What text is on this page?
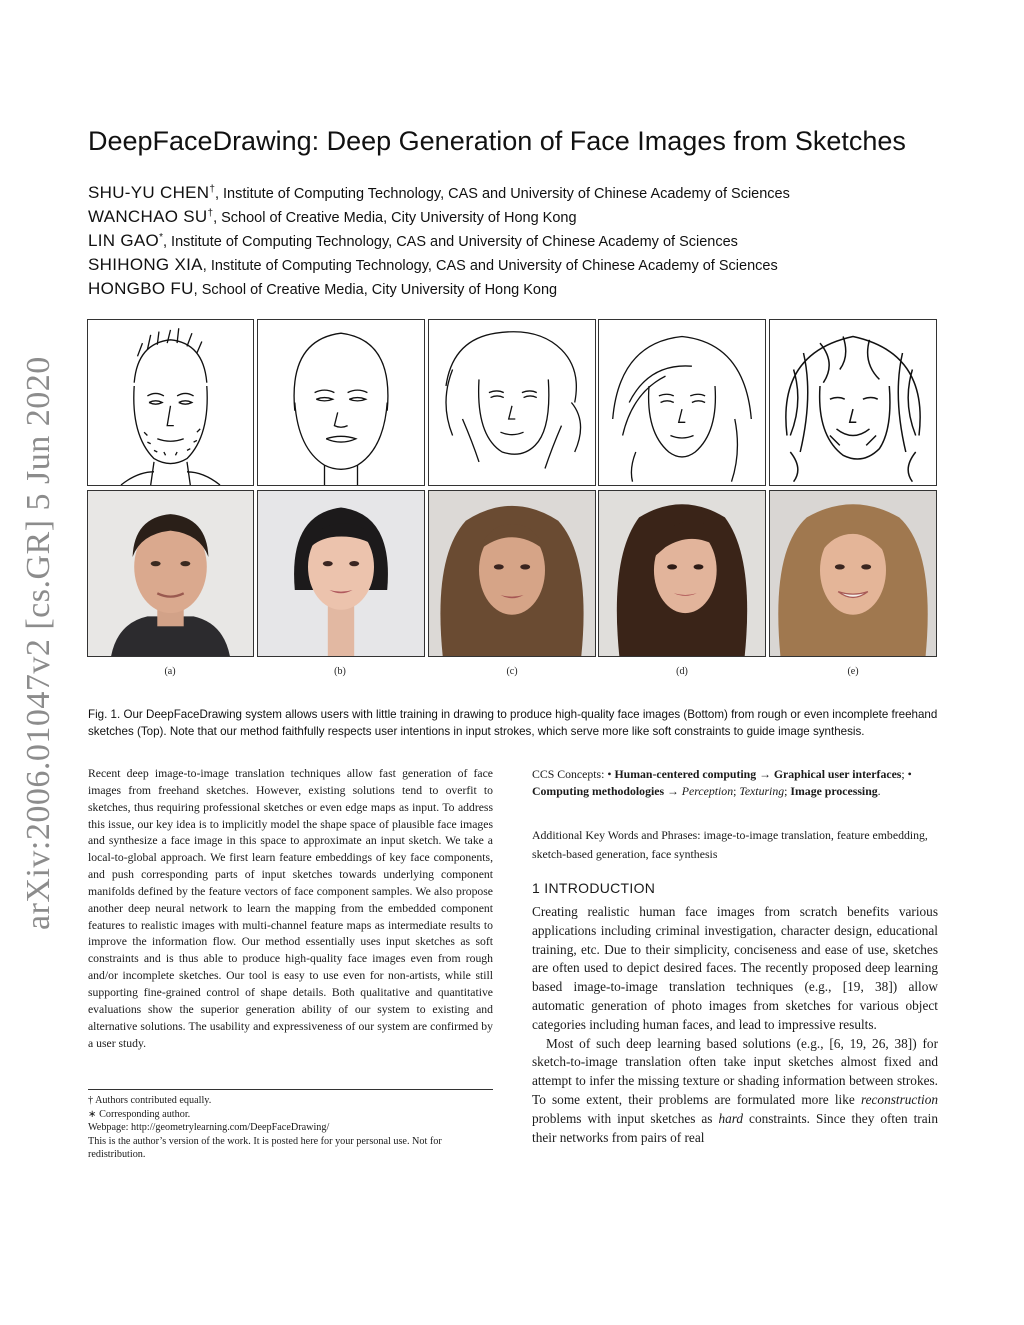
arXiv:2006.01047v2 [cs.GR] 5 Jun 2020
DeepFaceDrawing: Deep Generation of Face Images from Sketches
SHU-YU CHEN†, Institute of Computing Technology, CAS and University of Chinese Academy of Sciences
WANCHAO SU†, School of Creative Media, City University of Hong Kong
LIN GAO*, Institute of Computing Technology, CAS and University of Chinese Academy of Sciences
SHIHONG XIA, Institute of Computing Technology, CAS and University of Chinese Academy of Sciences
HONGBO FU, School of Creative Media, City University of Hong Kong
(a)	(b)	(c)	(d)	(e)
Fig. 1. Our DeepFaceDrawing system allows users with little training in drawing to produce high-quality face images (Bottom) from rough or even incomplete freehand sketches (Top). Note that our method faithfully respects user intentions in input strokes, which serve more like soft constraints to guide image synthesis.
Recent deep image-to-image translation techniques allow fast generation of face images from freehand sketches. However, existing solutions tend to overfit to sketches, thus requiring professional sketches or even edge maps as input. To address this issue, our key idea is to implicitly model the shape space of plausible face images and synthesize a face image in this space to approximate an input sketch. We take a local-to-global approach. We first learn feature embeddings of key face components, and push corresponding parts of input sketches towards underlying component manifolds defined by the feature vectors of face component samples. We also propose another deep neural network to learn the mapping from the embedded component features to realistic images with multi-channel feature maps as intermediate results to improve the information flow. Our method essentially uses input sketches as soft constraints and is thus able to produce high-quality face images even from rough and/or incomplete sketches. Our tool is easy to use even for non-artists, while still supporting fine-grained control of shape details. Both qualitative and quantitative evaluations show the superior generation ability of our system to existing and alternative solutions. The usability and expressiveness of our system are confirmed by a user study.
† Authors contributed equally.
∗ Corresponding author.
Webpage: http://geometrylearning.com/DeepFaceDrawing/
This is the author’s version of the work. It is posted here for your personal use. Not for redistribution.
CCS Concepts: • Human-centered computing → Graphical user interfaces; • Computing methodologies → Perception; Texturing; Image processing.
Additional Key Words and Phrases: image-to-image translation, feature embedding, sketch-based generation, face synthesis
1 INTRODUCTION

Creating realistic human face images from scratch benefits various applications including criminal investigation, character design, educational training, etc. Due to their simplicity, conciseness and ease of use, sketches are often used to depict desired faces. The recently proposed deep learning based image-to-image translation techniques (e.g., [19, 38]) allow automatic generation of photo images from sketches for various object categories including human faces, and lead to impressive results.

Most of such deep learning based solutions (e.g., [6, 19, 26, 38]) for sketch-to-image translation often take input sketches almost fixed and attempt to infer the missing texture or shading information between strokes. To some extent, their problems are formulated more like reconstruction problems with input sketches as hard constraints. Since they often train their networks from pairs of real
